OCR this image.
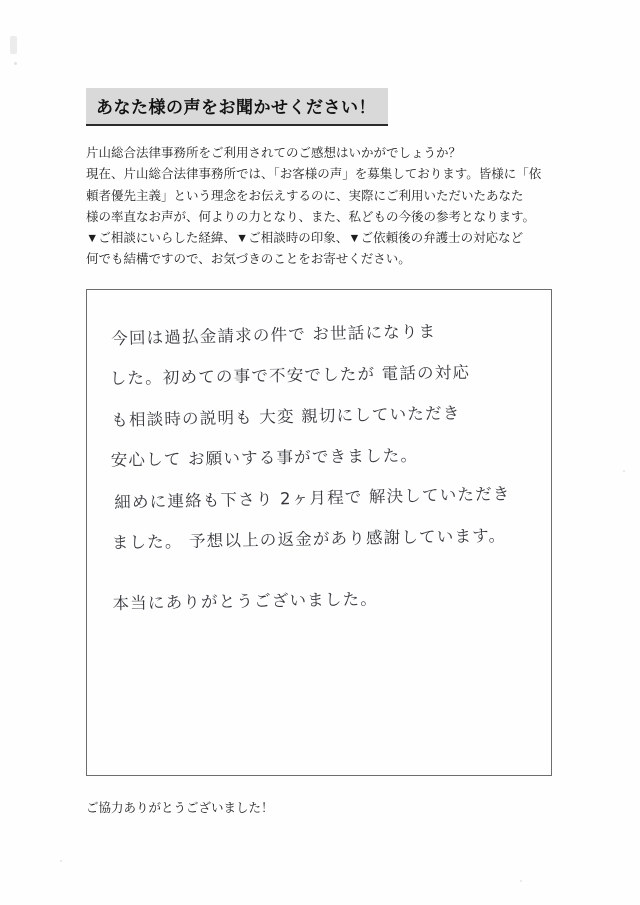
あなた様の声をお聞かせください！

片山総合法律事務所をご利用されてのご感想はいかがでしょうか？

現在、片山総合法律事務所では、「お客様の声」を募集しております。皆様に「依

頼者優先主義」という理念をお伝えするのに、実際にご利用いただいたあなた

様の率直なお声が、何よりの力となり、また、私どもの今後の参考となります。

▼ご相談にいらした経緯、▼ご相談時の印象、▼ご依頼後の弁護士の対応など

何でも結構ですので、お気づきのことをお寄せください。

今回は過払金請求の件で お世話になりま
した。初めての事で不安でしたが 電話の対応
も相談時の説明も 大変 親切にしていただき
安心して お願いする事ができました。
細めに連絡も下さり 2ヶ月程で 解決していただき
ました。 予想以上の返金があり感謝しています。
本当にありがとうございました。
ご協力ありがとうございました！
